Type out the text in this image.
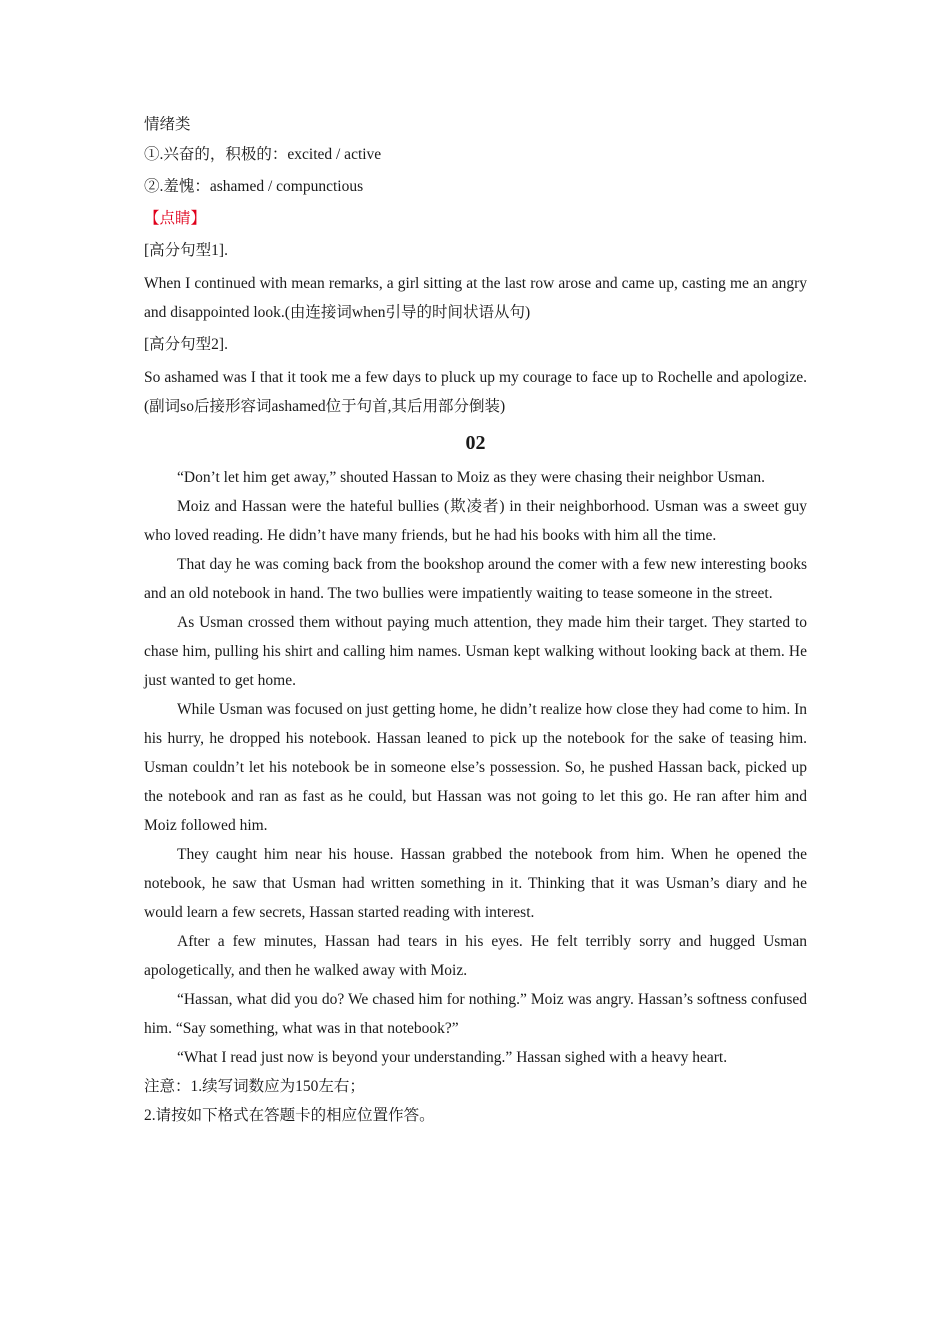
情绪类

①.兴奋的，积极的：excited / active

②.羞愧：ashamed / compunctious

【点睛】

[高分句型1].

When I continued with mean remarks, a girl sitting at the last row arose and came up, casting me an angry and disappointed look.(由连接词when引导的时间状语从句)

[高分句型2].

So ashamed was I that it took me a few days to pluck up my courage to face up to Rochelle and apologize.(副词so后接形容词ashamed位于句首,其后用部分倒装)

02

“Don’t let him get away,” shouted Hassan to Moiz as they were chasing their neighbor Usman.

Moiz and Hassan were the hateful bullies (欺凌者) in their neighborhood. Usman was a sweet guy who loved reading. He didn’t have many friends, but he had his books with him all the time.

That day he was coming back from the bookshop around the comer with a few new interesting books and an old notebook in hand. The two bullies were impatiently waiting to tease someone in the street.

As Usman crossed them without paying much attention, they made him their target. They started to chase him, pulling his shirt and calling him names. Usman kept walking without looking back at them. He just wanted to get home.

While Usman was focused on just getting home, he didn’t realize how close they had come to him. In his hurry, he dropped his notebook. Hassan leaned to pick up the notebook for the sake of teasing him. Usman couldn’t let his notebook be in someone else’s possession. So, he pushed Hassan back, picked up the notebook and ran as fast as he could, but Hassan was not going to let this go. He ran after him and Moiz followed him.

They caught him near his house. Hassan grabbed the notebook from him. When he opened the notebook, he saw that Usman had written something in it. Thinking that it was Usman’s diary and he would learn a few secrets, Hassan started reading with interest.

After a few minutes, Hassan had tears in his eyes. He felt terribly sorry and hugged Usman apologetically, and then he walked away with Moiz.

“Hassan, what did you do? We chased him for nothing.” Moiz was angry. Hassan’s softness confused him. “Say something, what was in that notebook?”

“What I read just now is beyond your understanding.” Hassan sighed with a heavy heart.

注意：1.续写词数应为150左右；

2.请按如下格式在答题卡的相应位置作答。
